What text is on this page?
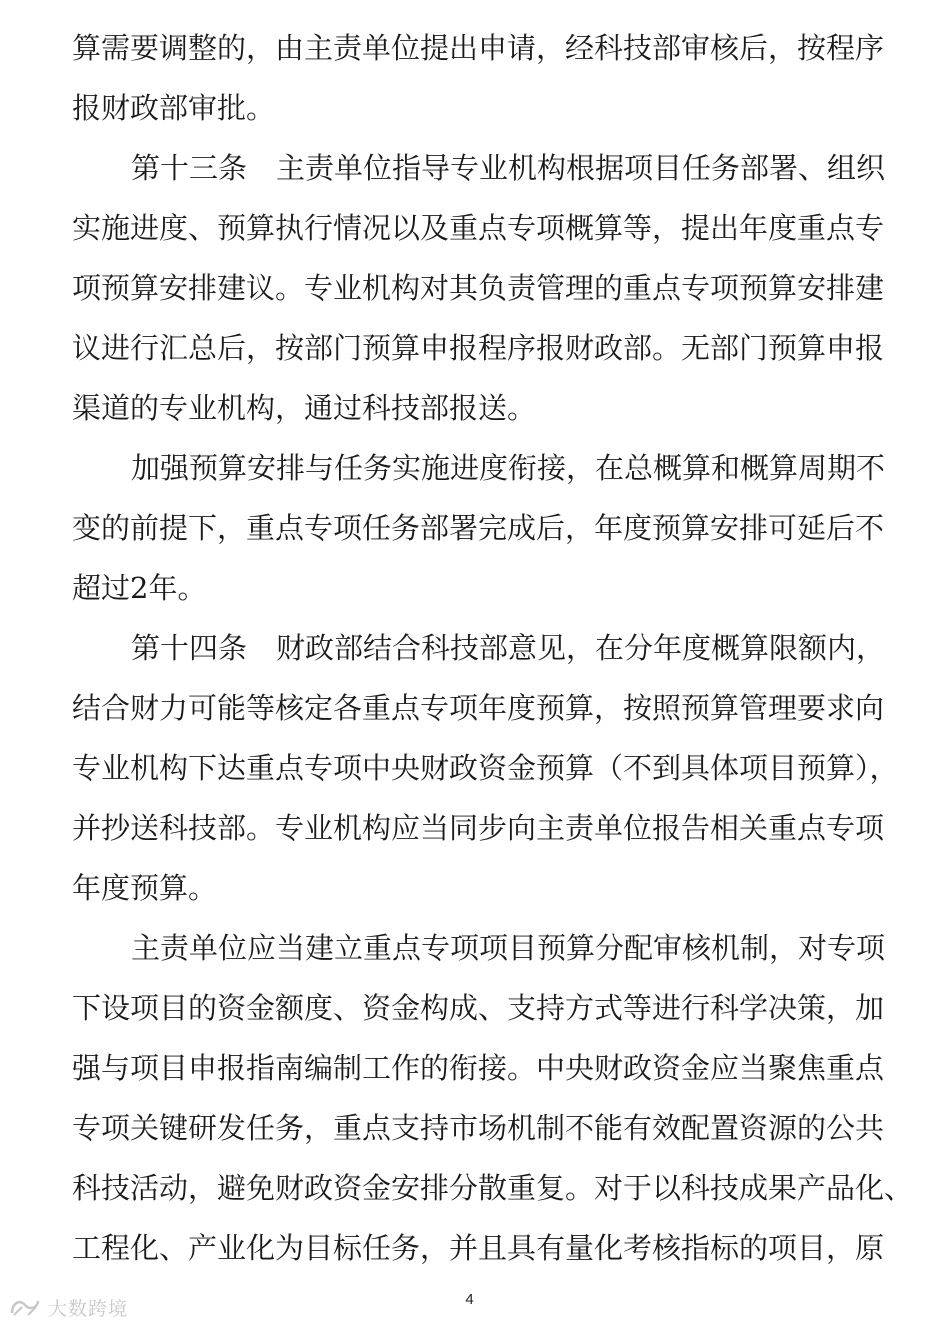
算需要调整的，由主责单位提出申请，经科技部审核后，按程序
报财政部审批。
第十三条　主责单位指导专业机构根据项目任务部署、组织
实施进度、预算执行情况以及重点专项概算等，提出年度重点专
项预算安排建议。专业机构对其负责管理的重点专项预算安排建
议进行汇总后，按部门预算申报程序报财政部。无部门预算申报
渠道的专业机构，通过科技部报送。
加强预算安排与任务实施进度衔接，在总概算和概算周期不
变的前提下，重点专项任务部署完成后，年度预算安排可延后不
超过2年。
第十四条　财政部结合科技部意见，在分年度概算限额内，
结合财力可能等核定各重点专项年度预算，按照预算管理要求向
专业机构下达重点专项中央财政资金预算（不到具体项目预算），
并抄送科技部。专业机构应当同步向主责单位报告相关重点专项
年度预算。
主责单位应当建立重点专项项目预算分配审核机制，对专项
下设项目的资金额度、资金构成、支持方式等进行科学决策，加
强与项目申报指南编制工作的衔接。中央财政资金应当聚焦重点
专项关键研发任务，重点支持市场机制不能有效配置资源的公共
科技活动，避免财政资金安排分散重复。对于以科技成果产品化、
工程化、产业化为目标任务，并且具有量化考核指标的项目，原
4
大数跨境
